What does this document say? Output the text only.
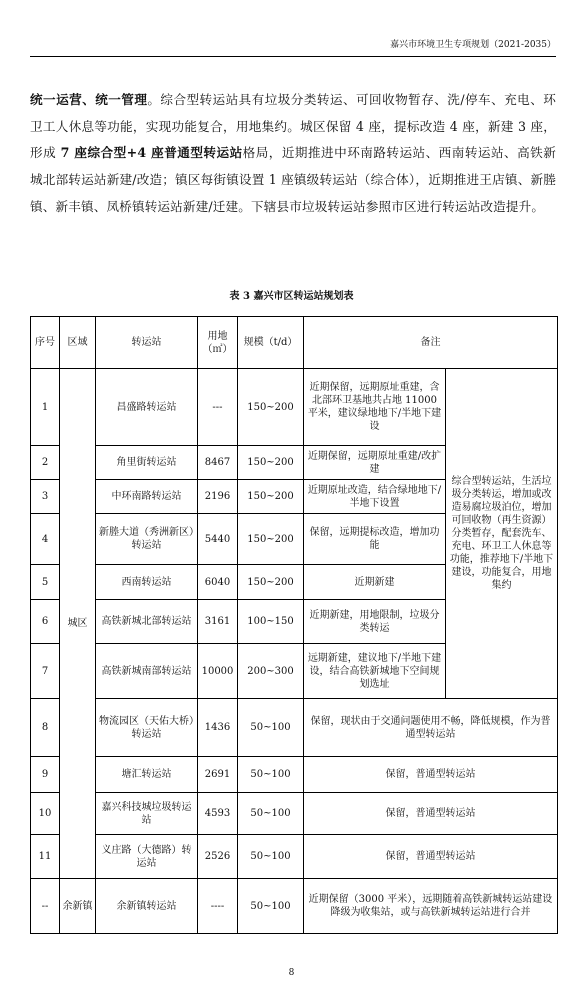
嘉兴市环境卫生专项规划（2021-2035）
统一运营、统一管理。综合型转运站具有垃圾分类转运、可回收物暂存、洗/停车、充电、环卫工人休息等功能，实现功能复合，用地集约。城区保留 4 座，提标改造 4 座，新建 3 座，形成 7 座综合型+4 座普通型转运站格局，近期推进中环南路转运站、西南转运站、高铁新城北部转运站新建/改造；镇区每街镇设置 1 座镇级转运站（综合体），近期推进王店镇、新塍镇、新丰镇、凤桥镇转运站新建/迁建。下辖县市垃圾转运站参照市区进行转运站改造提升。
表 3 嘉兴市区转运站规划表
序号	区域	转运站	用地（㎡）	规模（t/d）	备注	
1	城区	昌盛路转运站	---	150~200	近期保留，远期原址重建，含北部环卫基地共占地 11000 平米，建议绿地地下/半地下建设	综合型转运站，生活垃圾分类转运，增加或改造易腐垃圾泊位，增加可回收物（再生资源）分类暂存，配套洗车、充电、环卫工人休息等功能，推荐地下/半地下建设，功能复合，用地集约
2		角里街转运站	8467	150~200	近期保留，远期原址重建/改扩建	
3		中环南路转运站	2196	150~200	近期原址改造，结合绿地地下/半地下设置	
4		新塍大道（秀洲新区）转运站	5440	150~200	保留，远期提标改造，增加功能	
5		西南转运站	6040	150~200	近期新建	
6		高铁新城北部转运站	3161	100~150	近期新建，用地限制，垃圾分类转运	
7		高铁新城南部转运站	10000	200~300	远期新建，建议地下/半地下建设，结合高铁新城地下空间规划选址	
8		物流园区（天佑大桥）转运站	1436	50~100	保留，现状由于交通问题使用不畅，降低规模，作为普通型转运站	
9		塘汇转运站	2691	50~100	保留，普通型转运站	
10		嘉兴科技城垃圾转运站	4593	50~100	保留，普通型转运站	
11		义庄路（大德路）转运站	2526	50~100	保留，普通型转运站	
--	余新镇	余新镇转运站	----	50~100	近期保留（3000 平米），远期随着高铁新城转运站建设降级为收集站，或与高铁新城转运站进行合并	
8
